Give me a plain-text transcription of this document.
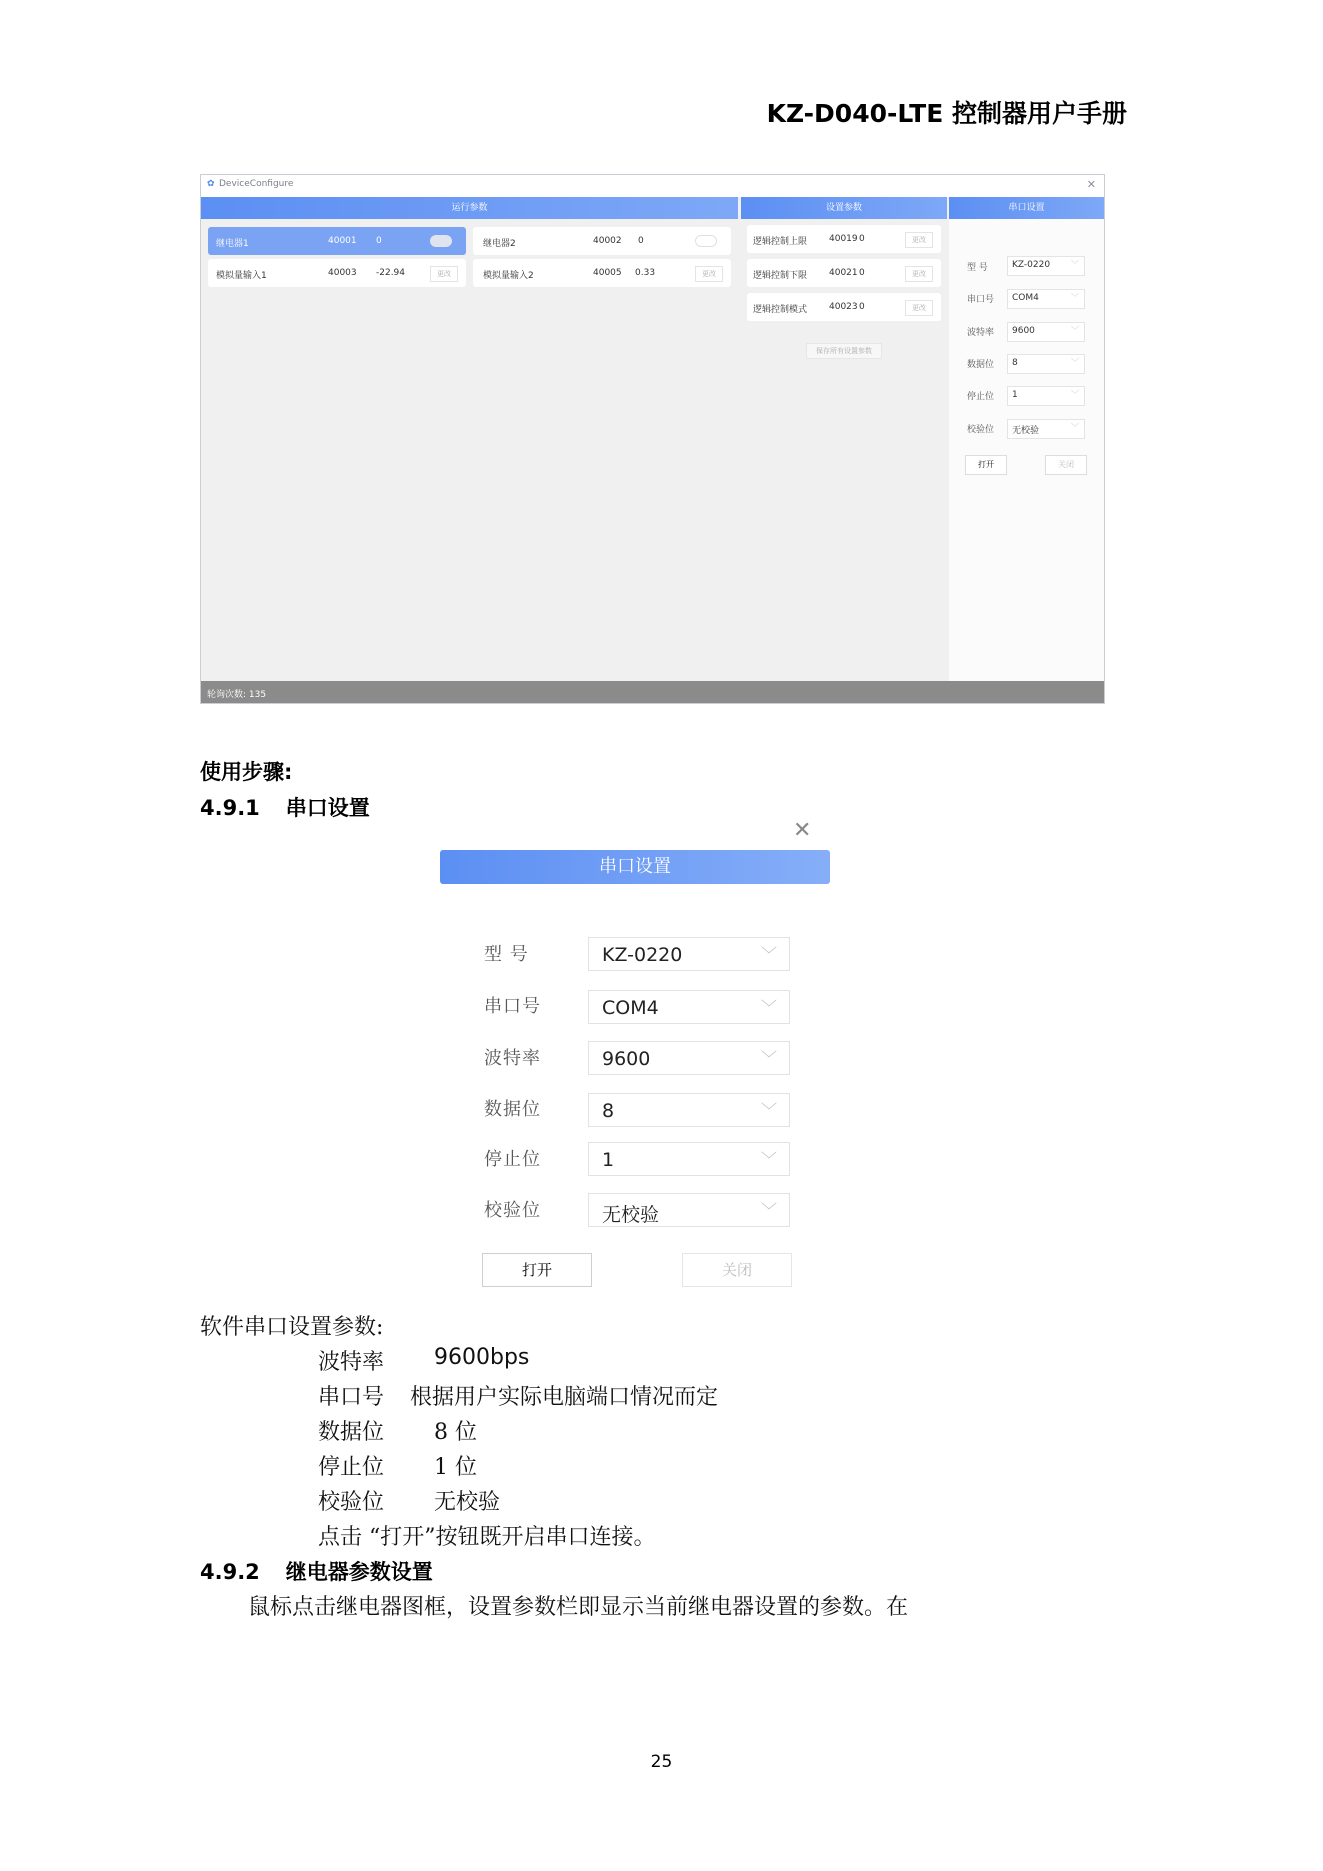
KZ-D040-LTE 控制器用户手册
✿ DeviceConfigure	✕
运行参数	设置参数	串口设置
继电器1	40001 0	继电器2	40002 0
模拟量输入1	40003 -22.94	更改	模拟量输入2	40005 0.33	更改
逻辑控制上限 40019 0	更改
逻辑控制下限 40021 0	更改
逻辑控制模式 40023 0	更改
保存所有设置参数
型 号	KZ-0220	﹀
串口号 COM4	﹀
波特率 9600	﹀
数据位 8	﹀
停止位 1	﹀
校验位 无校验	﹀
打开	关闭
轮询次数: 135
使用步骤:
4.9.1 串口设置
✕
串口设置
型 号	KZ-0220	﹀
串口号	COM4	﹀
波特率	9600	﹀
数据位	8	﹀
停止位	1	﹀
校验位	无校验	﹀
打开	关闭
软件串口设置参数:
波特率 9600bps
串口号 根据用户实际电脑端口情况而定
数据位 8 位
停止位 1 位
校验位 无校验
点击 “打开”按钮既开启串口连接。
4.9.2 继电器参数设置
鼠标点击继电器图框，设置参数栏即显示当前继电器设置的参数。在
25
